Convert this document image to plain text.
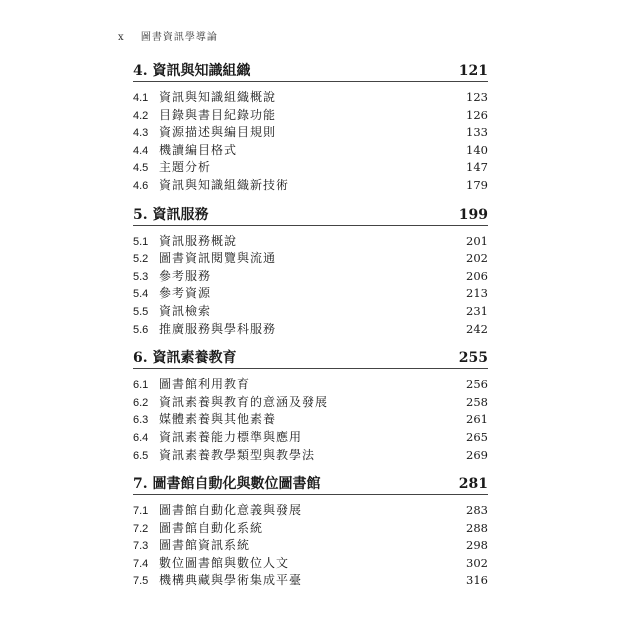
x 圖書資訊學導論
4. 資訊與知識組織	121
4.1 資訊與知識組織概說	123
4.2 目錄與書目紀錄功能	126
4.3 資源描述與編目規則	133
4.4 機讀編目格式	140
4.5 主題分析	147
4.6 資訊與知識組織新技術	179
5. 資訊服務	199
5.1 資訊服務概說	201
5.2 圖書資訊閱覽與流通	202
5.3 參考服務	206
5.4 參考資源	213
5.5 資訊檢索	231
5.6 推廣服務與學科服務	242
6. 資訊素養教育	255
6.1 圖書館利用教育	256
6.2 資訊素養與教育的意涵及發展	258
6.3 媒體素養與其他素養	261
6.4 資訊素養能力標準與應用	265
6.5 資訊素養教學類型與教學法	269
7. 圖書館自動化與數位圖書館	281
7.1 圖書館自動化意義與發展	283
7.2 圖書館自動化系統	288
7.3 圖書館資訊系統	298
7.4 數位圖書館與數位人文	302
7.5 機構典藏與學術集成平臺	316
